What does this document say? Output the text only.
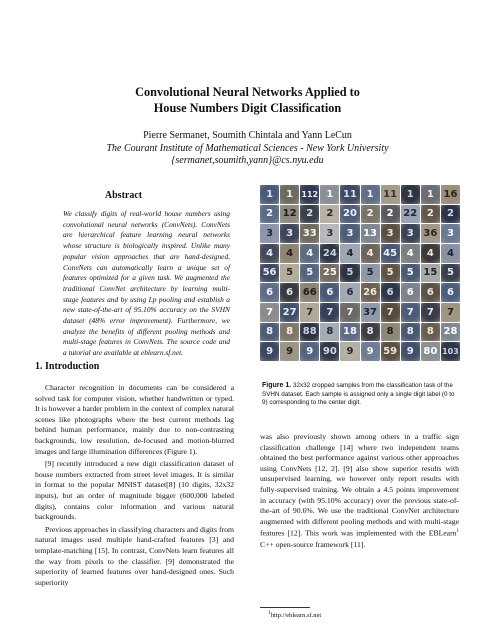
Convolutional Neural Networks Applied to
House Numbers Digit Classification
Pierre Sermanet, Soumith Chintala and Yann LeCun
The Courant Institute of Mathematical Sciences - New York University
{sermanet,soumith,yann}@cs.nyu.edu
Abstract
We classify digits of real-world house numbers using convolutional neural networks (ConvNets). ConvNets are hierarchical feature learning neural networks whose structure is biologically inspired. Unlike many popular vision approaches that are hand-designed, ConvNets can automatically learn a unique set of features optimized for a given task. We augmented the traditional ConvNet architecture by learning multi-stage features and by using Lp pooling and establish a new state-of-the-art of 95.10% accuracy on the SVHN dataset (48% error improvement). Furthermore, we analyze the benefits of different pooling methods and multi-stage features in ConvNets. The source code and a tutorial are available at eblearn.sf.net.
1. Introduction

Character recognition in documents can be considered a solved task for computer vision, whether handwritten or typed. It is however a harder problem in the context of complex natural scenes like photographs where the best current methods lag behind human performance, mainly due to non-contrasting backgrounds, low resolution, de-focused and motion-blurred images and large illumination differences (Figure 1).

[9] recently introduced a new digit classification dataset of house numbers extracted from street level images. It is similar in format to the popular MNIST dataset[8] (10 digits, 32x32 inputs), but an order of magnitude bigger (600,000 labeled digits), contains color information and various natural backgrounds.

Previous approaches in classifying characters and digits from natural images used multiple hand-crafted features [3] and template-matching [15]. In contrast, ConvNets learn features all the way from pixels to the classifier. [9] demonstrated the superiority of learned features over hand-designed ones. Such superiority

1	1	112 1 11 1 11 1	1 16
2 12 2	2 20 2	2 22 2	2
3	3 33 3	3 13 3	3 36 3
4	4	4 24 4	4 45 4	4	4
56 5	5 25 5	5	5	5 15 5
6	6 66 6	6 26 6	6	6	6
7 27 7	7	7 37 7	7	7	7
8	8 88 8 18 8	8	8	8 28
9	9	9 90 9	9 59 9 80 103
Figure 1. 32x32 cropped samples from the classification task of the SVHN dataset. Each sample is assigned only a single digit label (0 to 9) corresponding to the center digit.
was also previously shown among others in a traffic sign classification challenge [14] where two independent teams obtained the best performance against various other approaches using ConvNets [12, 2]. [9] also show superior results with unsupervised learning, we however only report results with fully-supervised training. We obtain a 4.5 points improvement in accuracy (with 95.10% accuracy) over the previous state-of-the-art of 90.6%. We use the traditional ConvNet architecture augmented with different pooling methods and with multi-stage features [12]. This work was implemented with the EBLearn$^1$ C++ open-source framework [11].
$^1$http://eblearn.sf.net
